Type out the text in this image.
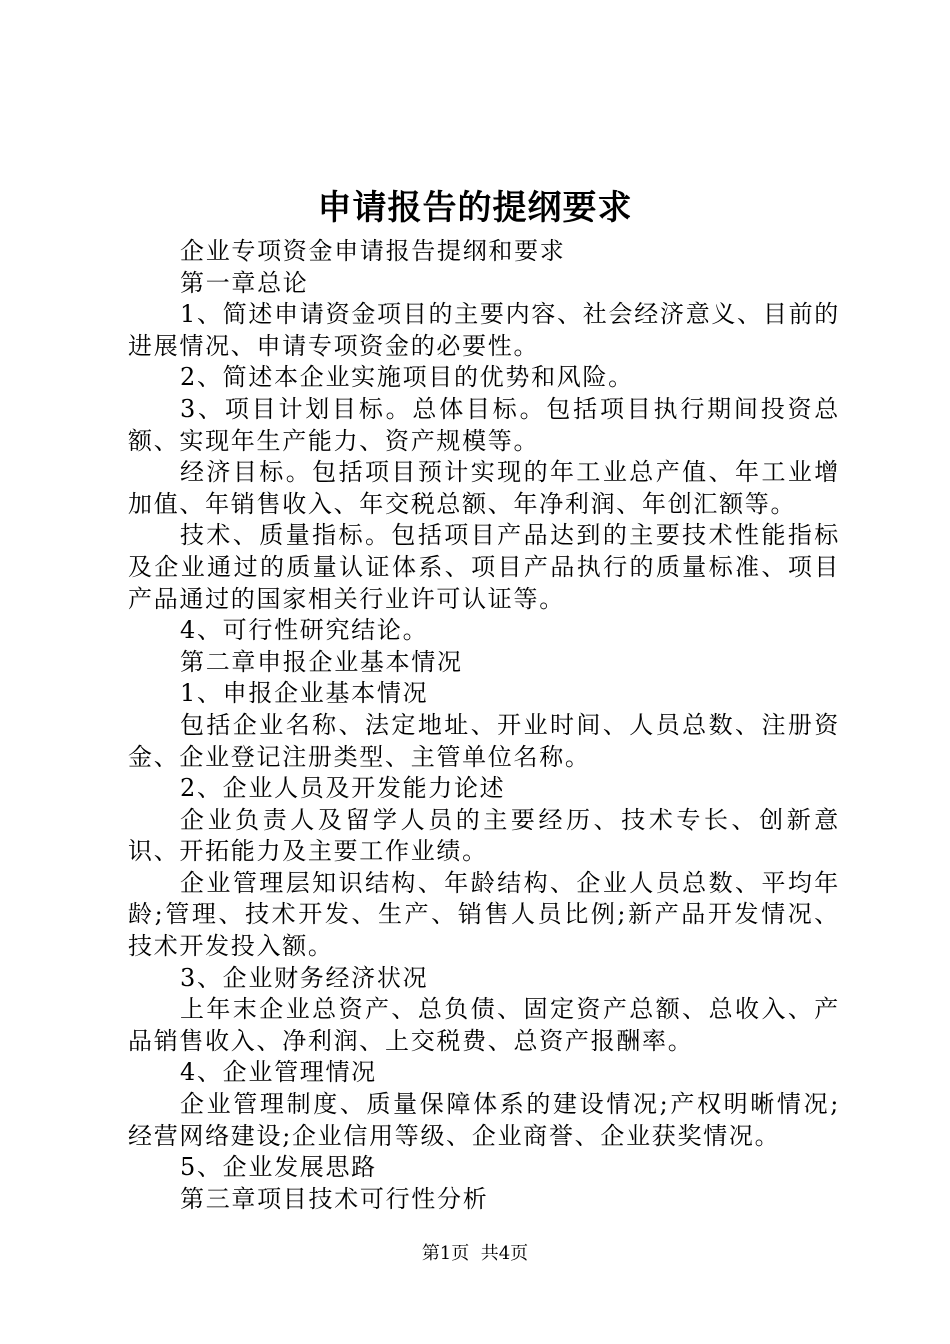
申请报告的提纲要求

企业专项资金申请报告提纲和要求

第一章总论

1、简述申请资金项目的主要内容、社会经济意义、目前的进展情况、申请专项资金的必要性。

2、简述本企业实施项目的优势和风险。

3、项目计划目标。总体目标。包括项目执行期间投资总额、实现年生产能力、资产规模等。

经济目标。包括项目预计实现的年工业总产值、年工业增加值、年销售收入、年交税总额、年净利润、年创汇额等。

技术、质量指标。包括项目产品达到的主要技术性能指标及企业通过的质量认证体系、项目产品执行的质量标准、项目产品通过的国家相关行业许可认证等。

4、可行性研究结论。

第二章申报企业基本情况

1、申报企业基本情况

包括企业名称、法定地址、开业时间、人员总数、注册资金、企业登记注册类型、主管单位名称。

2、企业人员及开发能力论述

企业负责人及留学人员的主要经历、技术专长、创新意识、开拓能力及主要工作业绩。

企业管理层知识结构、年龄结构、企业人员总数、平均年龄;管理、技术开发、生产、销售人员比例;新产品开发情况、技术开发投入额。

3、企业财务经济状况

上年末企业总资产、总负债、固定资产总额、总收入、产品销售收入、净利润、上交税费、总资产报酬率。

4、企业管理情况

企业管理制度、质量保障体系的建设情况;产权明晰情况;经营网络建设;企业信用等级、企业商誉、企业获奖情况。

5、企业发展思路

第三章项目技术可行性分析

第1页  共4页
